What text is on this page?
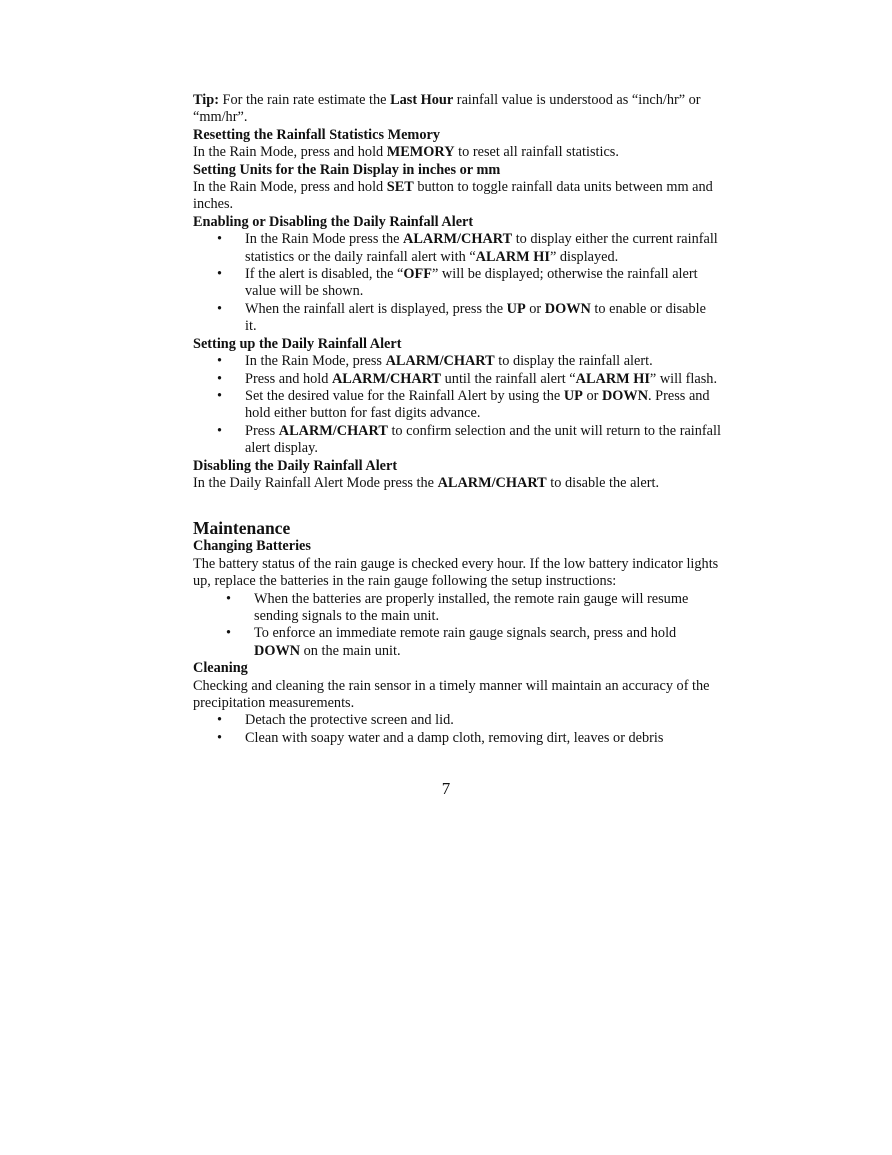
Tip: For the rain rate estimate the Last Hour rainfall value is understood as “inch/hr” or “mm/hr”.

Resetting the Rainfall Statistics Memory

In the Rain Mode, press and hold MEMORY to reset all rainfall statistics.

Setting Units for the Rain Display in inches or mm

In the Rain Mode, press and hold SET button to toggle rainfall data units between mm and inches.

Enabling or Disabling the Daily Rainfall Alert

• In the Rain Mode press the ALARM/CHART to display either the current rainfall statistics or the daily rainfall alert with “ALARM HI” displayed.
• If the alert is disabled, the “OFF” will be displayed; otherwise the rainfall alert value will be shown.
• When the rainfall alert is displayed, press the UP or DOWN to enable or disable it.

Setting up the Daily Rainfall Alert

• In the Rain Mode, press ALARM/CHART to display the rainfall alert.
• Press and hold ALARM/CHART until the rainfall alert “ALARM HI” will flash.
• Set the desired value for the Rainfall Alert by using the UP or DOWN. Press and hold either button for fast digits advance.
• Press ALARM/CHART to confirm selection and the unit will return to the rainfall alert display.

Disabling the Daily Rainfall Alert

In the Daily Rainfall Alert Mode press the ALARM/CHART to disable the alert.

Maintenance

Changing Batteries

The battery status of the rain gauge is checked every hour. If the low battery indicator lights up, replace the batteries in the rain gauge following the setup instructions:

• When the batteries are properly installed, the remote rain gauge will resume sending signals to the main unit.
• To enforce an immediate remote rain gauge signals search, press and hold DOWN on the main unit.

Cleaning

Checking and cleaning the rain sensor in a timely manner will maintain an accuracy of the precipitation measurements.

• Detach the protective screen and lid.
• Clean with soapy water and a damp cloth, removing dirt, leaves or debris
7
